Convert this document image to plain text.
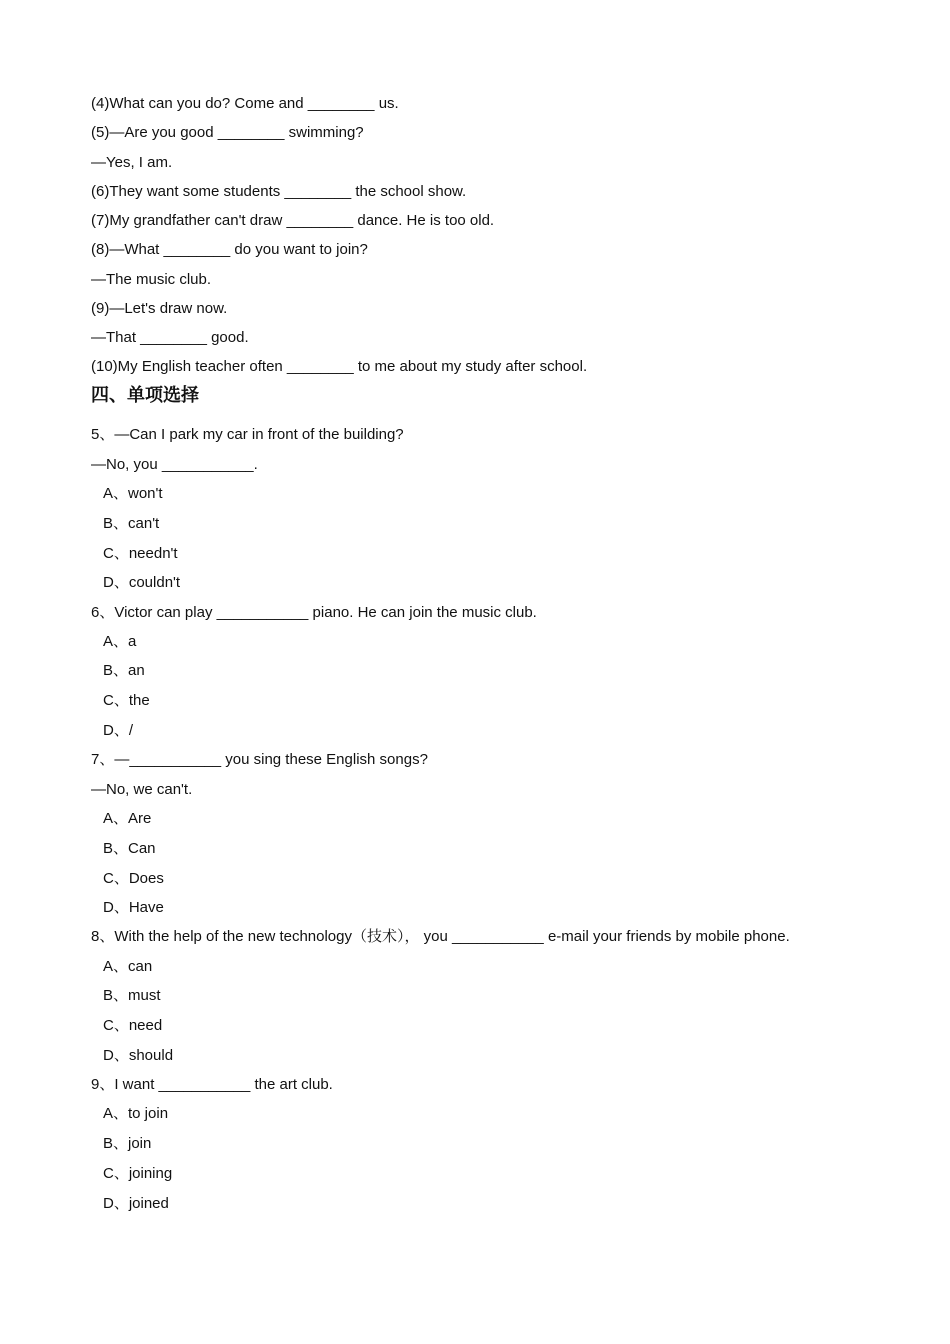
(4)What can you do? Come and ________ us.
(5)—Are you good ________ swimming?
—Yes, I am.
(6)They want some students ________ the school show.
(7)My grandfather can't draw ________ dance. He is too old.
(8)—What ________ do you want to join?
—The music club.
(9)—Let's draw now.
—That ________ good.
(10)My English teacher often ________ to me about my study after school.
四、单项选择
5、—Can I park my car in front of the building?
—No, you ___________.
A、won't
B、can't
C、needn't
D、couldn't
6、Victor can play ___________ piano. He can join the music club.
A、a
B、an
C、the
D、/
7、—___________ you sing these English songs?
—No, we can't.
A、Are
B、Can
C、Does
D、Have
8、With the help of the new technology（技术）， you ___________ e-mail your friends by mobile phone.
A、can
B、must
C、need
D、should
9、I want ___________ the art club.
A、to join
B、join
C、joining
D、joined
